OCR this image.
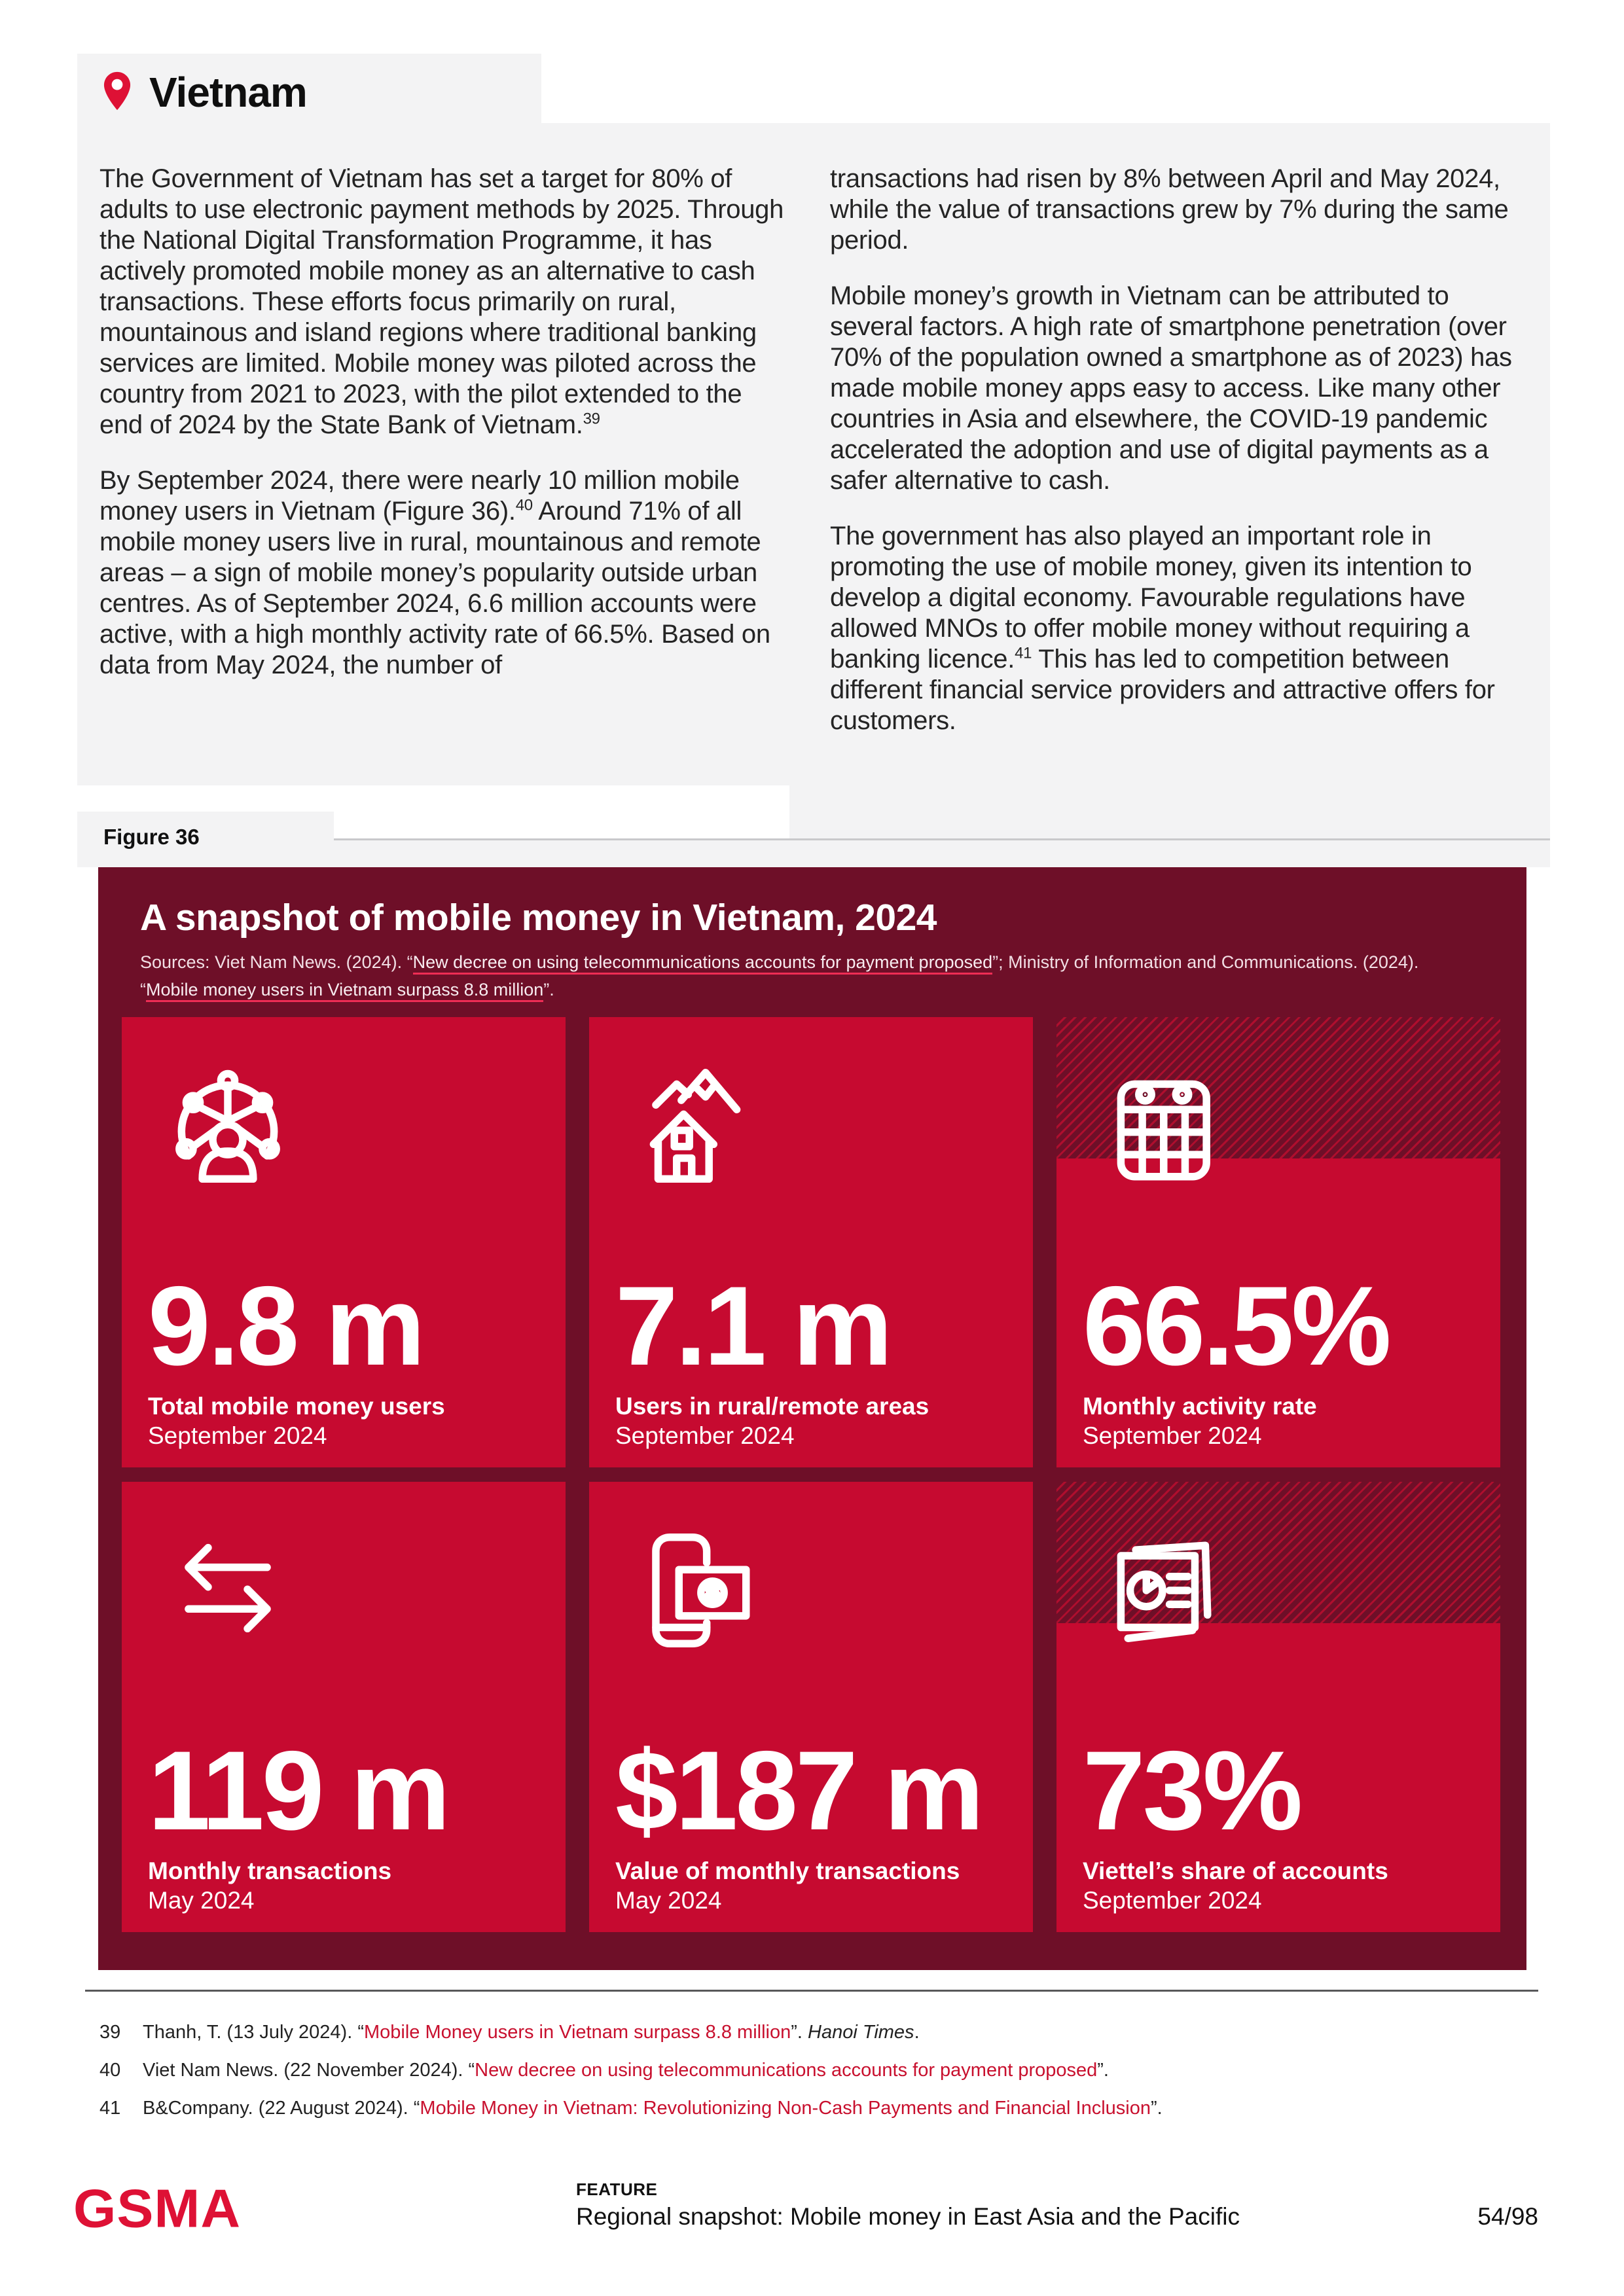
Vietnam

The Government of Vietnam has set a target for 80% of adults to use electronic payment methods by 2025. Through the National Digital Transformation Programme, it has actively promoted mobile money as an alternative to cash transactions. These efforts focus primarily on rural, mountainous and island regions where traditional banking services are limited. Mobile money was piloted across the country from 2021 to 2023, with the pilot extended to the end of 2024 by the State Bank of Vietnam.$^{39}$

By September 2024, there were nearly 10 million mobile money users in Vietnam (Figure 36).$^{40}$ Around 71% of all mobile money users live in rural, mountainous and remote areas – a sign of mobile money’s popularity outside urban centres. As of September 2024, 6.6 million accounts were active, with a high monthly activity rate of 66.5%. Based on data from May 2024, the number of

transactions had risen by 8% between April and May 2024, while the value of transactions grew by 7% during the same period.

Mobile money’s growth in Vietnam can be attributed to several factors. A high rate of smartphone penetration (over 70% of the population owned a smartphone as of 2023) has made mobile money apps easy to access. Like many other countries in Asia and elsewhere, the COVID-19 pandemic accelerated the adoption and use of digital payments as a safer alternative to cash.

The government has also played an important role in promoting the use of mobile money, given its intention to develop a digital economy. Favourable regulations have allowed MNOs to offer mobile money without requiring a banking licence.$^{41}$ This has led to competition between different financial service providers and attractive offers for customers.

Figure 36
A snapshot of mobile money in Vietnam, 2024
Sources: Viet Nam News. (2024). “New decree on using telecommunications accounts for payment proposed”; Ministry of Information and Communications. (2024). “Mobile money users in Vietnam surpass 8.8 million”.
9.8 m
Total mobile money users
September 2024
7.1 m
Users in rural/remote areas
September 2024
66.5%
Monthly activity rate
September 2024
119 m
Monthly transactions
May 2024
$187 m
Value of monthly transactions
May 2024
73%
Viettel’s share of accounts
September 2024
39	Thanh, T. (13 July 2024). “Mobile Money users in Vietnam surpass 8.8 million”. Hanoi Times.
40	Viet Nam News. (22 November 2024). “New decree on using telecommunications accounts for payment proposed”.
41	B&Company. (22 August 2024). “Mobile Money in Vietnam: Revolutionizing Non-Cash Payments and Financial Inclusion”.
GSMA	FEATURE
Regional snapshot: Mobile money in East Asia and the Pacific	54/98
